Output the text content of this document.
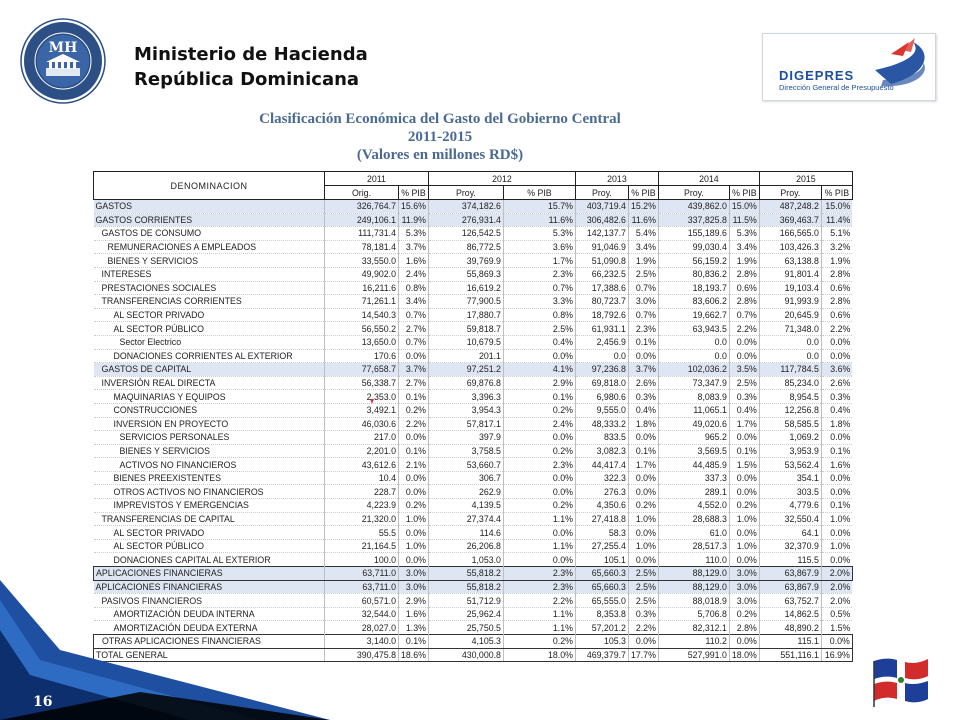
MH	Ministerio de Hacienda
República Dominicana	DIGEPRES
Dirección General de Presupuesto
Clasificación Económica del Gasto del Gobierno Central
2011-2015
(Valores en millones RD$)
DENOMINACION	2011		2012		2013		2014		2015	
	Orig.	% PIB	Proy.	% PIB	Proy.	% PIB	Proy.	% PIB	Proy.	% PIB
GASTOS	326,764.7	15.6%	374,182.6	15.7%	403,719.4	15.2%	439,862.0	15.0%	487,248.2	15.0%
GASTOS CORRIENTES	249,106.1	11.9%	276,931.4	11.6%	306,482.6	11.6%	337,825.8	11.5%	369,463.7	11.4%
GASTOS DE CONSUMO	111,731.4	5.3%	126,542.5	5.3%	142,137.7	5.4%	155,189.6	5.3%	166,565.0	5.1%
REMUNERACIONES A EMPLEADOS	78,181.4	3.7%	86,772.5	3.6%	91,046.9	3.4%	99,030.4	3.4%	103,426.3	3.2%
BIENES Y SERVICIOS	33,550.0	1.6%	39,769.9	1.7%	51,090.8	1.9%	56,159.2	1.9%	63,138.8	1.9%
INTERESES	49,902.0	2.4%	55,869.3	2.3%	66,232.5	2.5%	80,836.2	2.8%	91,801.4	2.8%
PRESTACIONES SOCIALES	16,211.6	0.8%	16,619.2	0.7%	17,388.6	0.7%	18,193.7	0.6%	19,103.4	0.6%
TRANSFERENCIAS CORRIENTES	71,261.1	3.4%	77,900.5	3.3%	80,723.7	3.0%	83,606.2	2.8%	91,993.9	2.8%
AL SECTOR PRIVADO	14,540.3	0.7%	17,880.7	0.8%	18,792.6	0.7%	19,662.7	0.7%	20,645.9	0.6%
AL SECTOR PÚBLICO	56,550.2	2.7%	59,818.7	2.5%	61,931.1	2.3%	63,943.5	2.2%	71,348.0	2.2%
Sector Electrico	13,650.0	0.7%	10,679.5	0.4%	2,456.9	0.1%	0.0	0.0%	0.0	0.0%
DONACIONES CORRIENTES AL EXTERIOR	170.6	0.0%	201.1	0.0%	0.0	0.0%	0.0	0.0%	0.0	0.0%
GASTOS DE CAPITAL	77,658.7	3.7%	97,251.2	4.1%	97,236.8	3.7%	102,036.2	3.5%	117,784.5	3.6%
INVERSIÓN REAL DIRECTA	56,338.7	2.7%	69,876.8	2.9%	69,818.0	2.6%	73,347.9	2.5%	85,234.0	2.6%
MAQUINARIAS Y EQUIPOS	2,353.0	0.1%	3,396.3	0.1%	6,980.6	0.3%	8,083.9	0.3%	8,954.5	0.3%
CONSTRUCCIONES	3,492.1	0.2%	3,954.3	0.2%	9,555.0	0.4%	11,065.1	0.4%	12,256.8	0.4%
INVERSION EN PROYECTO	46,030.6	2.2%	57,817.1	2.4%	48,333.2	1.8%	49,020.6	1.7%	58,585.5	1.8%
SERVICIOS PERSONALES	217.0	0.0%	397.9	0.0%	833.5	0.0%	965.2	0.0%	1,069.2	0.0%
BIENES Y SERVICIOS	2,201.0	0.1%	3,758.5	0.2%	3,082.3	0.1%	3,569.5	0.1%	3,953.9	0.1%
ACTIVOS NO FINANCIEROS	43,612.6	2.1%	53,660.7	2.3%	44,417.4	1.7%	44,485.9	1.5%	53,562.4	1.6%
BIENES PREEXISTENTES	10.4	0.0%	306.7	0.0%	322.3	0.0%	337.3	0.0%	354.1	0.0%
OTROS ACTIVOS NO FINANCIEROS	228.7	0.0%	262.9	0.0%	276.3	0.0%	289.1	0.0%	303.5	0.0%
IMPREVISTOS Y EMERGENCIAS	4,223.9	0.2%	4,139.5	0.2%	4,350.6	0.2%	4,552.0	0.2%	4,779.6	0.1%
TRANSFERENCIAS DE CAPITAL	21,320.0	1.0%	27,374.4	1.1%	27,418.8	1.0%	28,688.3	1.0%	32,550.4	1.0%
AL SECTOR PRIVADO	55.5	0.0%	114.6	0.0%	58.3	0.0%	61.0	0.0%	64.1	0.0%
AL SECTOR PÚBLICO	21,164.5	1.0%	26,206.8	1.1%	27,255.4	1.0%	28,517.3	1.0%	32,370.9	1.0%
DONACIONES CAPITAL AL EXTERIOR	100.0	0.0%	1,053.0	0.0%	105.1	0.0%	110.0	0.0%	115.5	0.0%
APLICACIONES FINANCIERAS	63,711.0	3.0%	55,818.2	2.3%	65,660.3	2.5%	88,129.0	3.0%	63,867.9	2.0%
APLICACIONES FINANCIERAS	63,711.0	3.0%	55,818.2	2.3%	65,660.3	2.5%	88,129.0	3.0%	63,867.9	2.0%
PASIVOS FINANCIEROS	60,571.0	2.9%	51,712.9	2.2%	65,555.0	2.5%	88,018.9	3.0%	63,752.7	2.0%
AMORTIZACIÓN DEUDA INTERNA	32,544.0	1.6%	25,962.4	1.1%	8,353.8	0.3%	5,706.8	0.2%	14,862.5	0.5%
AMORTIZACIÓN DEUDA EXTERNA	28,027.0	1.3%	25,750.5	1.1%	57,201.2	2.2%	82,312.1	2.8%	48,890.2	1.5%
OTRAS APLICACIONES FINANCIERAS	3,140.0	0.1%	4,105.3	0.2%	105.3	0.0%	110.2	0.0%	115.1	0.0%
TOTAL GENERAL	390,475.8	18.6%	430,000.8	18.0%	469,379.7	17.7%	527,991.0	18.0%	551,116.1	16.9%
16
